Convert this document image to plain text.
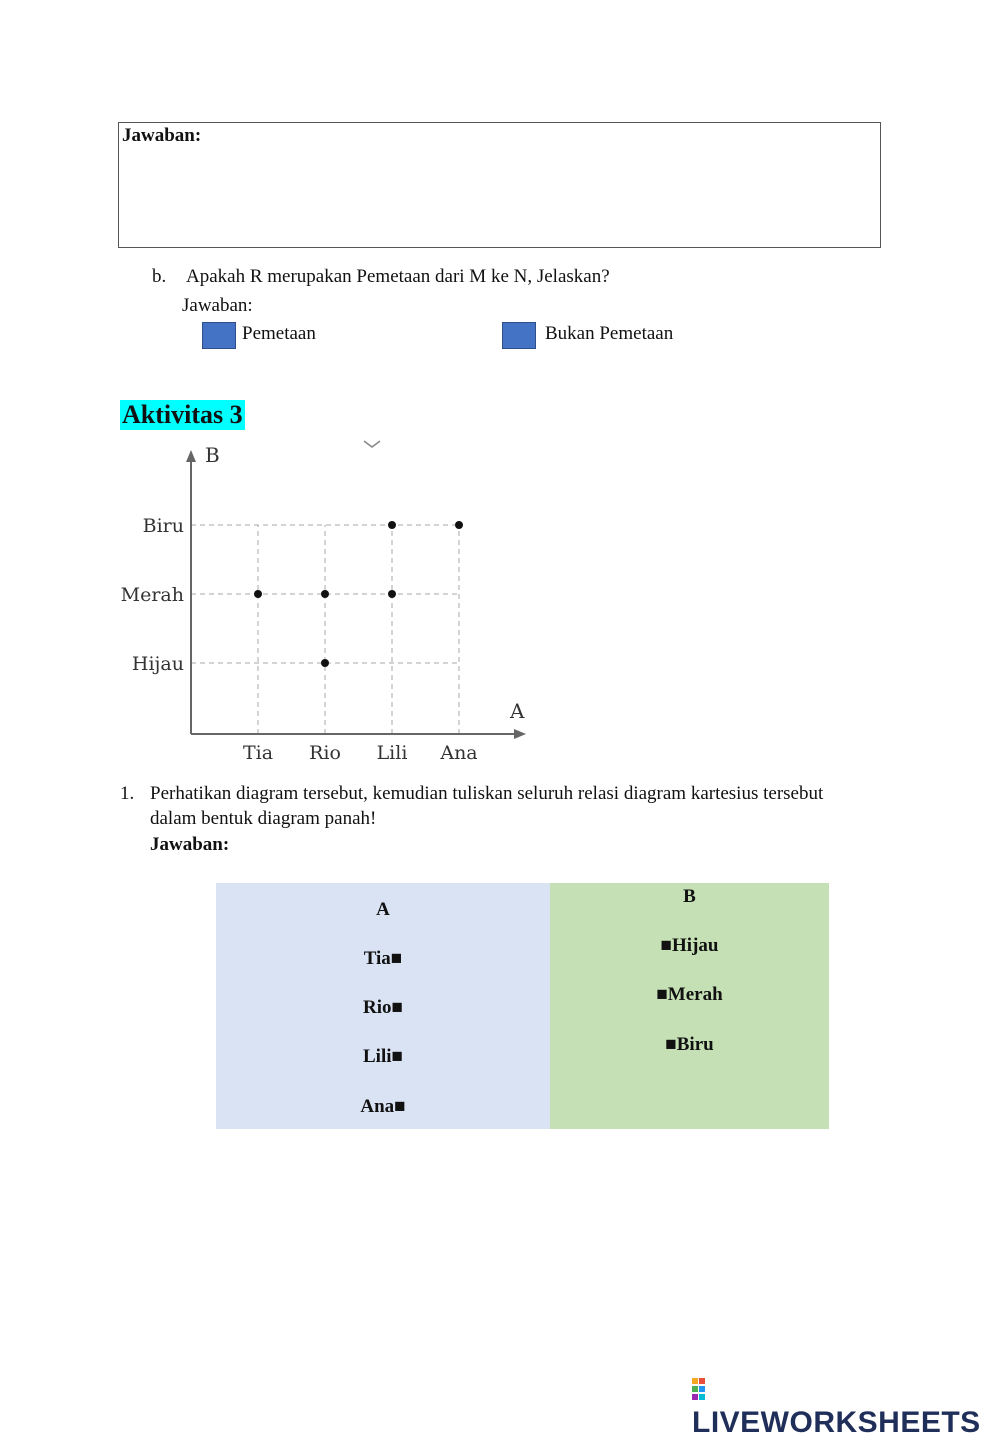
Jawaban:
b. Apakah R merupakan Pemetaan dari M ke N, Jelaskan?
Jawaban:
Pemetaan	Bukan Pemetaan
Aktivitas 3
B
A
Tia Rio Lili Ana
Hijau
Merah
Biru
1. Perhatikan diagram tersebut, kemudian tuliskan seluruh relasi diagram kartesius tersebut
dalam bentuk diagram panah!
Jawaban:
A
Tia■
Rio■
Lili■
Ana■
B
■Hijau
■Merah
■Biru
LIVEWORKSHEETS
